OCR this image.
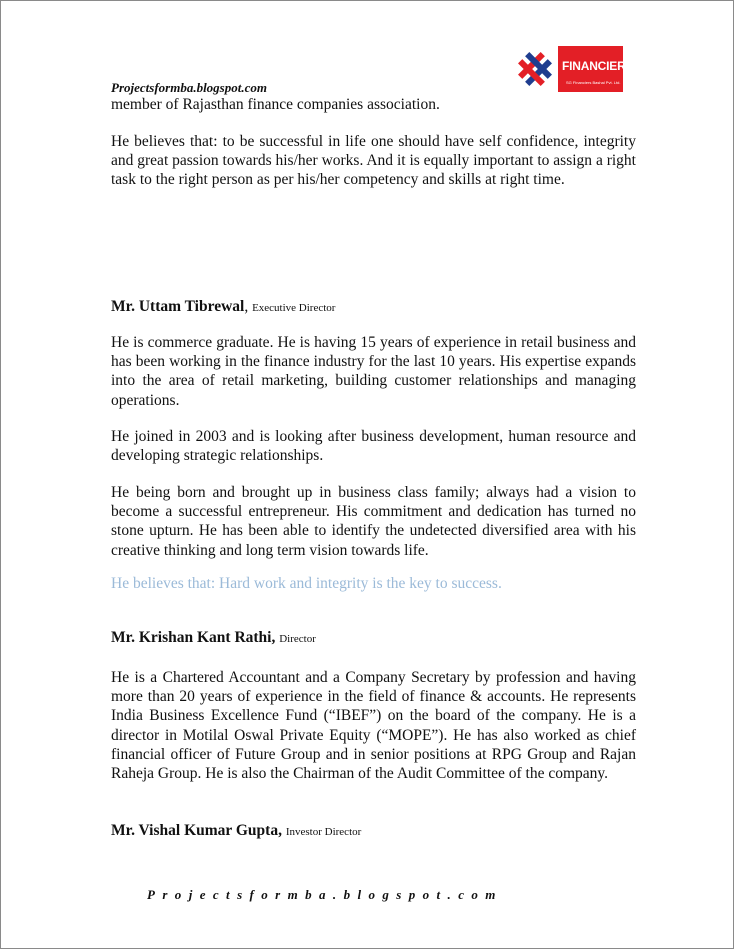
Projectsformba.blogspot.com
FINANCIERs
SG Financiers Bashal Pvt. Ltd.

member of Rajasthan finance companies association.

He believes that: to be successful in life one should have self confidence, integrity and great passion towards his/her works. And it is equally important to assign a right task to the right person as per his/her competency and skills at right time.

Mr. Uttam Tibrewal, Executive Director

He is commerce graduate. He is having 15 years of experience in retail business and has been working in the finance industry for the last 10 years. His expertise expands into the area of retail marketing, building customer relationships and managing operations.

He joined in 2003 and is looking after business development, human resource and developing strategic relationships.

He being born and brought up in business class family; always had a vision to become a successful entrepreneur. His commitment and dedication has turned no stone upturn. He has been able to identify the undetected diversified area with his creative thinking and long term vision towards life.

He believes that: Hard work and integrity is the key to success.

Mr. Krishan Kant Rathi, Director

He is a Chartered Accountant and a Company Secretary by profession and having more than 20 years of experience in the field of finance & accounts. He represents India Business Excellence Fund (“IBEF”) on the board of the company. He is a director in Motilal Oswal Private Equity (“MOPE”). He has also worked as chief financial officer of Future Group and in senior positions at RPG Group and Rajan Raheja Group. He is also the Chairman of the Audit Committee of the company.

Mr. Vishal Kumar Gupta, Investor Director
Projectsformba.blogspot.com
